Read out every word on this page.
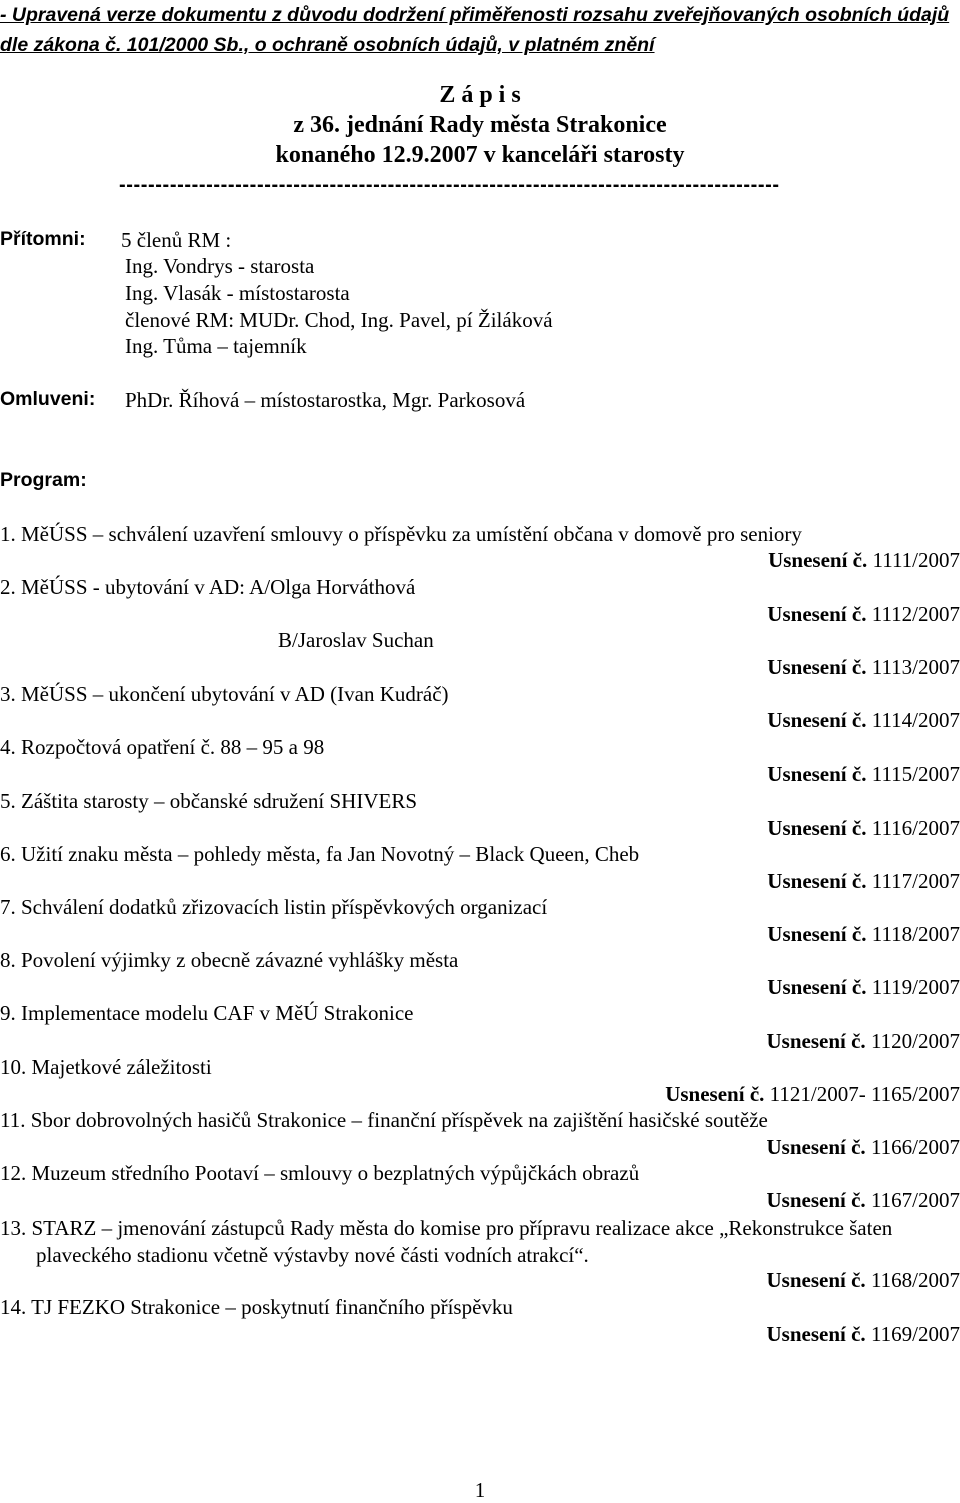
- Upravená verze dokumentu z důvodu dodržení přiměřenosti rozsahu zveřejňovaných osobních údajů dle zákona č. 101/2000 Sb., o ochraně osobních údajů, v platném znění
Z á p i s
z 36. jednání Rady města Strakonice
konaného 12.9.2007 v kanceláři starosty
-------------------------------------------------------------------------------------------
Přítomni: 5 členů RM :
Ing. Vondrys - starosta
Ing. Vlasák - místostarosta
členové RM: MUDr. Chod, Ing. Pavel, pí Žiláková
Ing. Tůma – tajemník
Omluveni: PhDr. Říhová – místostarostka, Mgr. Parkosová
Program:
1. MěÚSS – schválení uzavření smlouvy o příspěvku za umístění občana v domově pro seniory
Usnesení č. 1111/2007
2. MěÚSS - ubytování v AD: A/Olga Horváthová
Usnesení č. 1112/2007
B/Jaroslav Suchan
Usnesení č. 1113/2007
3. MěÚSS – ukončení ubytování v AD (Ivan Kudráč)
Usnesení č. 1114/2007
4. Rozpočtová opatření č. 88 – 95 a 98
Usnesení č. 1115/2007
5. Záštita starosty – občanské sdružení SHIVERS
Usnesení č. 1116/2007
6. Užití znaku města – pohledy města, fa Jan Novotný – Black Queen, Cheb
Usnesení č. 1117/2007
7. Schválení dodatků zřizovacích listin příspěvkových organizací
Usnesení č. 1118/2007
8. Povolení výjimky z obecně závazné vyhlášky města
Usnesení č. 1119/2007
9. Implementace modelu CAF v MěÚ Strakonice
Usnesení č. 1120/2007
10. Majetkové záležitosti
Usnesení č. 1121/2007- 1165/2007
11. Sbor dobrovolných hasičů Strakonice – finanční příspěvek na zajištění hasičské soutěže
Usnesení č. 1166/2007
12. Muzeum středního Pootaví – smlouvy o bezplatných výpůjčkách obrazů
Usnesení č. 1167/2007
13. STARZ – jmenování zástupců Rady města do komise pro přípravu realizace akce „Rekonstrukce šaten plaveckého stadionu včetně výstavby nové části vodních atrakcí“.
Usnesení č. 1168/2007
14. TJ FEZKO Strakonice – poskytnutí finančního příspěvku
Usnesení č. 1169/2007
1
